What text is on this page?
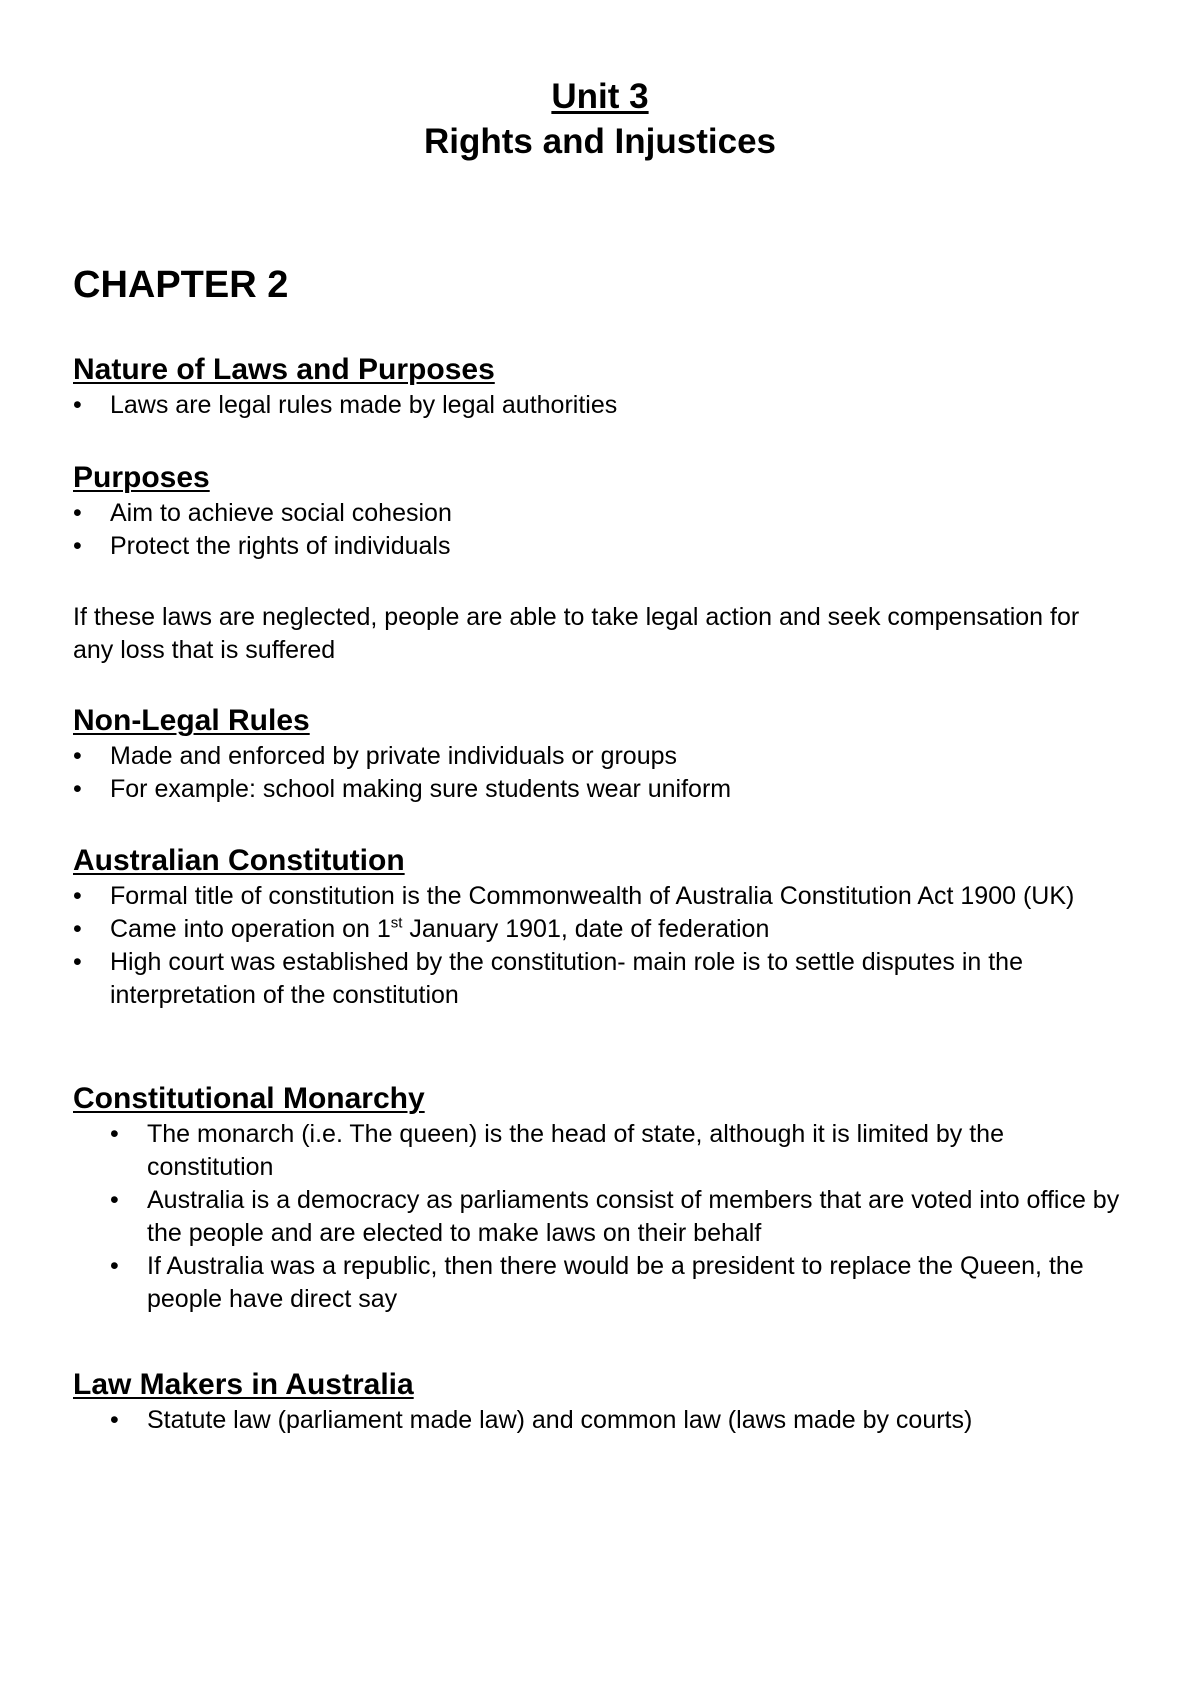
Unit 3
Rights and Injustices
CHAPTER 2
Nature of Laws and Purposes
• Laws are legal rules made by legal authorities
Purposes
• Aim to achieve social cohesion
• Protect the rights of individuals
If these laws are neglected, people are able to take legal action and seek compensation for any loss that is suffered
Non-Legal Rules
• Made and enforced by private individuals or groups
• For example: school making sure students wear uniform
Australian Constitution
• Formal title of constitution is the Commonwealth of Australia Constitution Act 1900 (UK)
• Came into operation on 1st January 1901, date of federation
• High court was established by the constitution- main role is to settle disputes in the interpretation of the constitution
Constitutional Monarchy
• The monarch (i.e. The queen) is the head of state, although it is limited by the constitution
• Australia is a democracy as parliaments consist of members that are voted into office by the people and are elected to make laws on their behalf
• If Australia was a republic, then there would be a president to replace the Queen, the people have direct say
Law Makers in Australia
• Statute law (parliament made law) and common law (laws made by courts)
